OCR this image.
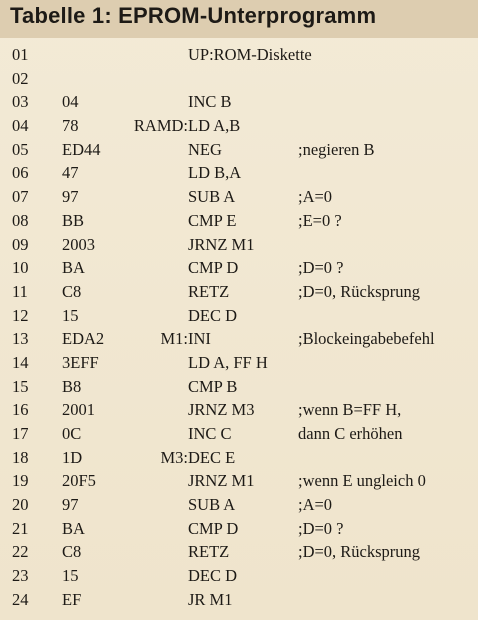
Tabelle 1: EPROM-Unterprogramm
01	UP:ROM-Diskette
02
03 04	INC B
04 78	RAMD: LD A,B
05 ED44	NEG	;negieren B
06 47	LD B,A
07 97	SUB A	;A=0
08 BB	CMP E	;E=0 ?
09 2003	JRNZ M1
10 BA	CMP D	;D=0 ?
11 C8	RETZ	;D=0, Rücksprung
12 15	DEC D
13 EDA2	M1: INI	;Blockeingabebefehl
14 3EFF	LD A, FF H
15 B8	CMP B
16 2001	JRNZ M3	;wenn B=FF H,
17 0C	INC C	dann C erhöhen
18 1D	M3: DEC E
19 20F5	JRNZ M1	;wenn E ungleich 0
20 97	SUB A	;A=0
21 BA	CMP D	;D=0 ?
22 C8	RETZ	;D=0, Rücksprung
23 15	DEC D
24 EF	JR M1
